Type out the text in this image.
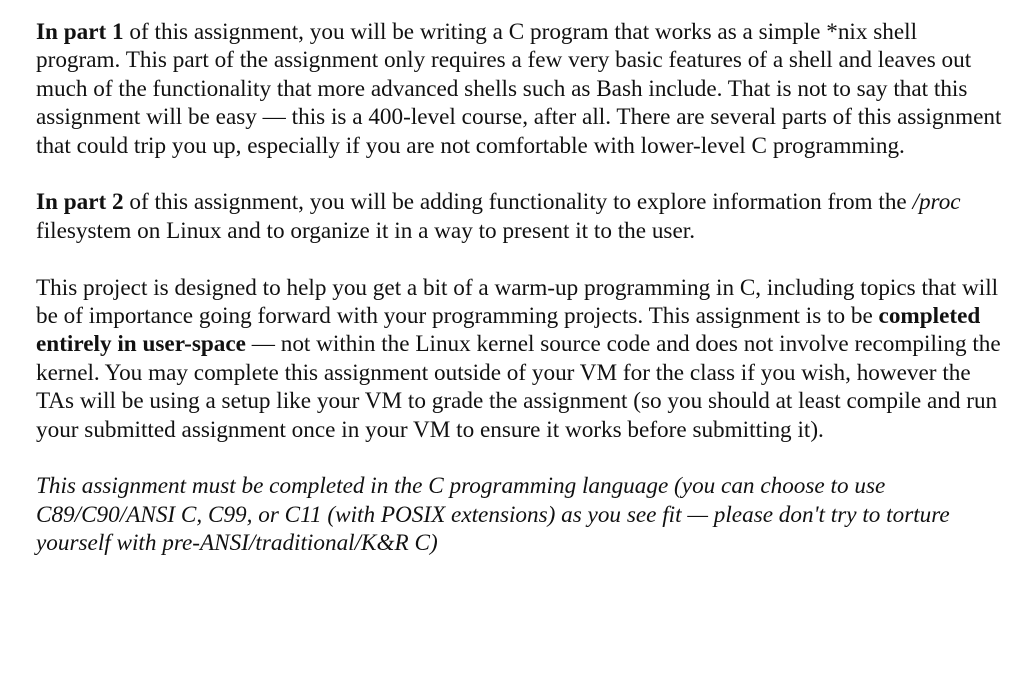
In part 1 of this assignment, you will be writing a C program that works as a simple *nix shell program. This part of the assignment only requires a few very basic features of a shell and leaves out much of the functionality that more advanced shells such as Bash include. That is not to say that this assignment will be easy — this is a 400-level course, after all. There are several parts of this assignment that could trip you up, especially if you are not comfortable with lower-level C programming.

In part 2 of this assignment, you will be adding functionality to explore information from the /proc filesystem on Linux and to organize it in a way to present it to the user.

This project is designed to help you get a bit of a warm-up programming in C, including topics that will be of importance going forward with your programming projects. This assignment is to be completed entirely in user-space — not within the Linux kernel source code and does not involve recompiling the kernel. You may complete this assignment outside of your VM for the class if you wish, however the TAs will be using a setup like your VM to grade the assignment (so you should at least compile and run your submitted assignment once in your VM to ensure it works before submitting it).

This assignment must be completed in the C programming language (you can choose to use C89/C90/ANSI C, C99, or C11 (with POSIX extensions) as you see fit — please don't try to torture yourself with pre-ANSI/traditional/K&R C)
